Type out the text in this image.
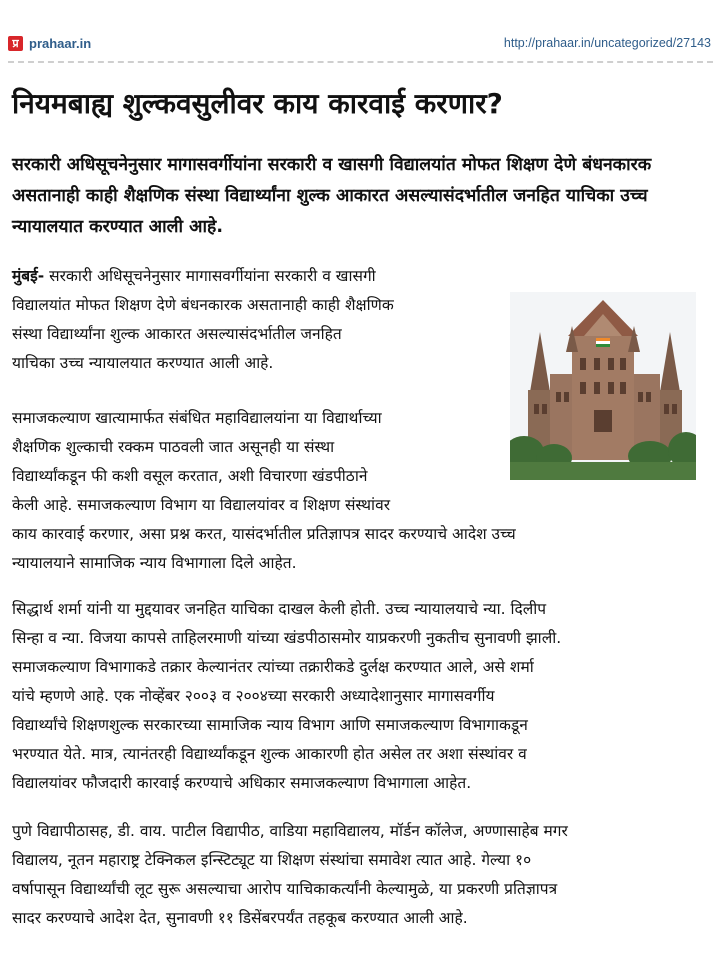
प्र prahaar.in	http://prahaar.in/uncategorized/27143
नियमबाह्य शुल्कवसुलीवर काय कारवाई करणार?

सरकारी अधिसूचनेनुसार मागासवर्गीयांना सरकारी व खासगी विद्यालयांत मोफत शिक्षण देणे बंधनकारक असतानाही काही शैक्षणिक संस्था विद्यार्थ्यांना शुल्क आकारत असल्यासंदर्भातील जनहित याचिका उच्च न्यायालयात करण्यात आली आहे.

मुंबई- सरकारी अधिसूचनेनुसार मागासवर्गीयांना सरकारी व खासगी
विद्यालयांत मोफत शिक्षण देणे बंधनकारक असतानाही काही शैक्षणिक
संस्था विद्यार्थ्यांना शुल्क आकारत असल्यासंदर्भातील जनहित
याचिका उच्च न्यायालयात करण्यात आली आहे.

समाजकल्याण खात्यामार्फत संबंधित महाविद्यालयांना या विद्यार्थाच्या
शैक्षणिक शुल्काची रक्कम पाठवली जात असूनही या संस्था
विद्यार्थ्यांकडून फी कशी वसूल करतात, अशी विचारणा खंडपीठाने
केली आहे. समाजकल्याण विभाग या विद्यालयांवर व शिक्षण संस्थांवर
काय कारवाई करणार, असा प्रश्न करत, यासंदर्भातील प्रतिज्ञापत्र सादर करण्याचे आदेश उच्च
न्यायालयाने सामाजिक न्याय विभागाला दिले आहेत.

सिद्धार्थ शर्मा यांनी या मुद्दयावर जनहित याचिका दाखल केली होती. उच्च न्यायालयाचे न्या. दिलीप
सिन्हा व न्या. विजया कापसे ताहिलरमाणी यांच्या खंडपीठासमोर याप्रकरणी नुकतीच सुनावणी झाली.
समाजकल्याण विभागाकडे तक्रार केल्यानंतर त्यांच्या तक्रारीकडे दुर्लक्ष करण्यात आले, असे शर्मा
यांचे म्हणणे आहे. एक नोव्हेंबर २००३ व २००४च्या सरकारी अध्यादेशानुसार मागासवर्गीय
विद्यार्थ्यांचे शिक्षणशुल्क सरकारच्या सामाजिक न्याय विभाग आणि समाजकल्याण विभागाकडून
भरण्यात येते. मात्र, त्यानंतरही विद्यार्थ्यांकडून शुल्क आकारणी होत असेल तर अशा संस्थांवर व
विद्यालयांवर फौजदारी कारवाई करण्याचे अधिकार समाजकल्याण विभागाला आहेत.

पुणे विद्यापीठासह, डी. वाय. पाटील विद्यापीठ, वाडिया महाविद्यालय, मॉर्डन कॉलेज, अण्णासाहेब मगर
विद्यालय, नूतन महाराष्ट्र टेक्निकल इन्स्टिट्यूट या शिक्षण संस्थांचा समावेश त्यात आहे. गेल्या १०
वर्षापासून विद्यार्थ्यांची लूट सुरू असल्याचा आरोप याचिकाकर्त्यांनी केल्यामुळे, या प्रकरणी प्रतिज्ञापत्र
सादर करण्याचे आदेश देत, सुनावणी ११ डिसेंबरपर्यंत तहकूब करण्यात आली आहे.
